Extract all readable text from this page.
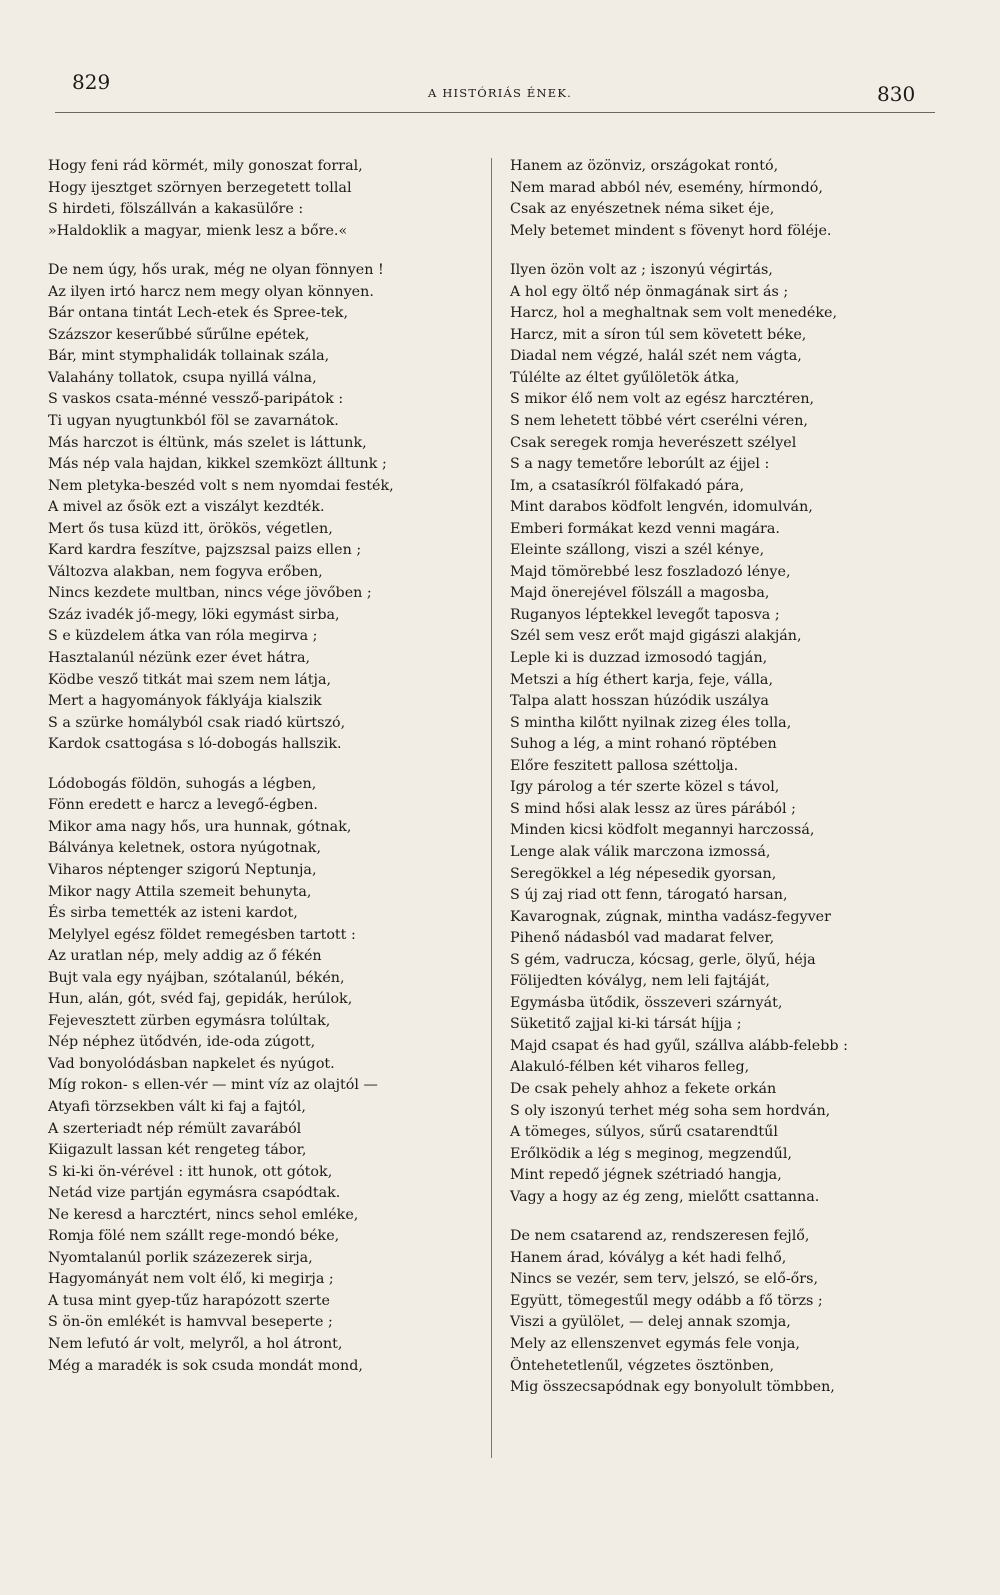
829	A HISTÓRIÁS ÉNEK.	830
Hogy feni rád körmét, mily gonoszat forral,
Hogy ijesztget szörnyen berzegetett tollal
S hirdeti, fölszállván a kakasülőre :
»Haldoklik a magyar, mienk lesz a bőre.«
De nem úgy, hős urak, még ne olyan fönnyen !
Az ilyen irtó harcz nem megy olyan könnyen.
Bár ontana tintát Lech-etek és Spree-tek,
Százszor keserűbbé sűrűlne epétek,
Bár, mint stymphalidák tollainak szála,
Valahány tollatok, csupa nyillá válna,
S vaskos csata-ménné vessző-paripátok :
Ti ugyan nyugtunkból föl se zavarnátok.
Más harczot is éltünk, más szelet is láttunk,
Más nép vala hajdan, kikkel szemközt álltunk ;
Nem pletyka-beszéd volt s nem nyomdai festék,
A mivel az ősök ezt a viszályt kezdték.
Mert ős tusa küzd itt, örökös, végetlen,
Kard kardra feszítve, pajzszsal paizs ellen ;
Változva alakban, nem fogyva erőben,
Nincs kezdete multban, nincs vége jövőben ;
Száz ivadék jő-megy, löki egymást sirba,
S e küzdelem átka van róla megirva ;
Hasztalanúl nézünk ezer évet hátra,
Ködbe vesző titkát mai szem nem látja,
Mert a hagyományok fáklyája kialszik
S a szürke homályból csak riadó kürtszó,
Kardok csattogása s ló-dobogás hallszik.
Lódobogás földön, suhogás a légben,
Fönn eredett e harcz a levegő-égben.
Mikor ama nagy hős, ura hunnak, gótnak,
Bálványa keletnek, ostora nyúgotnak,
Viharos néptenger szigorú Neptunja,
Mikor nagy Attila szemeit behunyta,
És sirba temették az isteni kardot,
Melylyel egész földet remegésben tartott :
Az uratlan nép, mely addig az ő fékén
Bujt vala egy nyájban, szótalanúl, békén,
Hun, alán, gót, svéd faj, gepidák, herúlok,
Fejevesztett zürben egymásra tolúltak,
Nép néphez ütődvén, ide-oda zúgott,
Vad bonyolódásban napkelet és nyúgot.
Míg rokon- s ellen-vér — mint víz az olajtól —
Atyafi törzsekben vált ki faj a fajtól,
A szerteriadt nép rémült zavarából
Kiigazult lassan két rengeteg tábor,
S ki-ki ön-vérével : itt hunok, ott gótok,
Netád vize partján egymásra csapódtak.
Ne keresd a harcztért, nincs sehol emléke,
Romja fölé nem szállt rege-mondó béke,
Nyomtalanúl porlik százezerek sirja,
Hagyományát nem volt élő, ki megirja ;
A tusa mint gyep-tűz harapózott szerte
S ön-ön emlékét is hamvval beseperte ;
Nem lefutó ár volt, melyről, a hol átront,
Még a maradék is sok csuda mondát mond,
Hanem az özönviz, országokat rontó,
Nem marad abból név, esemény, hírmondó,
Csak az enyészetnek néma siket éje,
Mely betemet mindent s fövenyt hord föléje.
Ilyen özön volt az ; iszonyú végirtás,
A hol egy öltő nép önmagának sirt ás ;
Harcz, hol a meghaltnak sem volt menedéke,
Harcz, mit a síron túl sem követett béke,
Diadal nem végzé, halál szét nem vágta,
Túlélte az éltet gyűlöletök átka,
S mikor élő nem volt az egész harcztéren,
S nem lehetett többé vért cserélni véren,
Csak seregek romja heverészett szélyel
S a nagy temetőre leborúlt az éjjel :
Im, a csatasíkról fölfakadó pára,
Mint darabos ködfolt lengvén, idomulván,
Emberi formákat kezd venni magára.
Eleinte szállong, viszi a szél kénye,
Majd tömörebbé lesz foszladozó lénye,
Majd önerejével fölszáll a magosba,
Ruganyos léptekkel levegőt taposva ;
Szél sem vesz erőt majd gigászi alakján,
Leple ki is duzzad izmosodó tagján,
Metszi a híg éthert karja, feje, válla,
Talpa alatt hosszan húzódik uszálya
S mintha kilőtt nyilnak zizeg éles tolla,
Suhog a lég, a mint rohanó röptében
Előre feszitett pallosa széttolja.
Igy párolog a tér szerte közel s távol,
S mind hősi alak lessz az üres párából ;
Minden kicsi ködfolt megannyi harczossá,
Lenge alak válik marczona izmossá,
Seregökkel a lég népesedik gyorsan,
S új zaj riad ott fenn, tárogató harsan,
Kavarognak, zúgnak, mintha vadász-fegyver
Pihenő nádasból vad madarat felver,
S gém, vadrucza, kócsag, gerle, ölyű, héja
Fölijedten kóvályg, nem leli fajtáját,
Egymásba ütődik, összeveri szárnyát,
Süketitő zajjal ki-ki társát híjja ;
Majd csapat és had gyűl, szállva alább-felebb :
Alakuló-félben két viharos felleg,
De csak pehely ahhoz a fekete orkán
S oly iszonyú terhet még soha sem hordván,
A tömeges, súlyos, sűrű csatarendtűl
Erőlködik a lég s meginog, megzendűl,
Mint repedő jégnek szétriadó hangja,
Vagy a hogy az ég zeng, mielőtt csattanna.
De nem csatarend az, rendszeresen fejlő,
Hanem árad, kóvályg a két hadi felhő,
Nincs se vezér, sem terv, jelszó, se elő-őrs,
Együtt, tömegestűl megy odább a fő törzs ;
Viszi a gyülölet, — delej annak szomja,
Mely az ellenszenvet egymás fele vonja,
Öntehetetlenűl, végzetes ösztönben,
Mig összecsapódnak egy bonyolult tömbben,
